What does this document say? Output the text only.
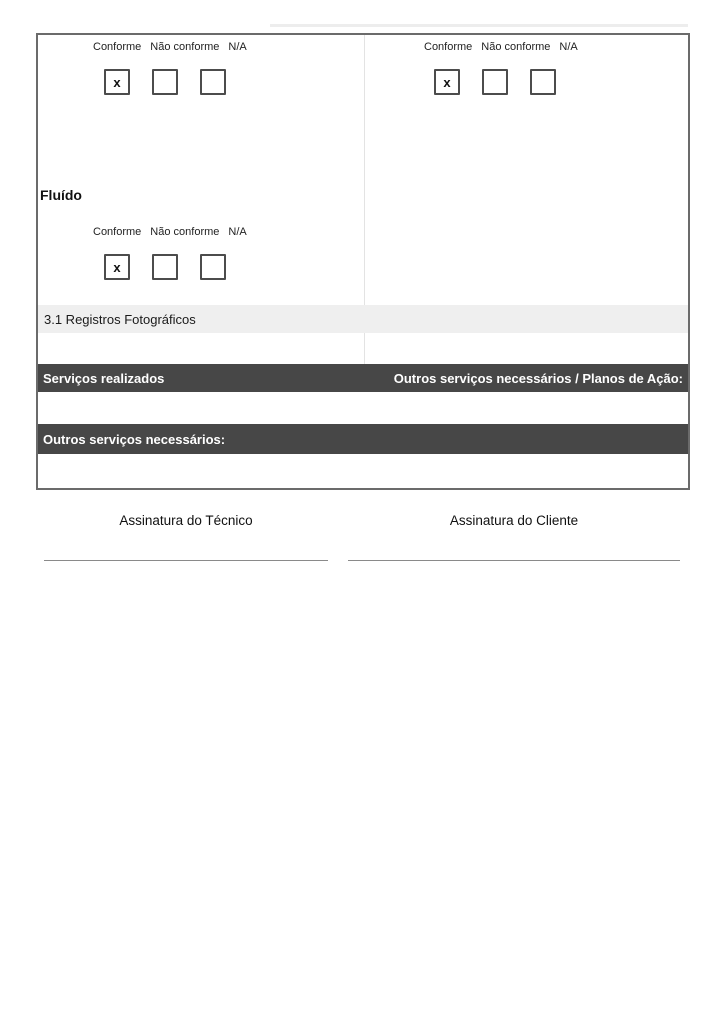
Conforme Não conforme N/A
x
Conforme Não conforme N/A
x
Fluído
Conforme Não conforme N/A
x
3.1 Registros Fotográficos
Serviços realizados	Outros serviços necessários / Planos de Ação:
Outros serviços necessários:
Assinatura do Técnico	Assinatura do Cliente
